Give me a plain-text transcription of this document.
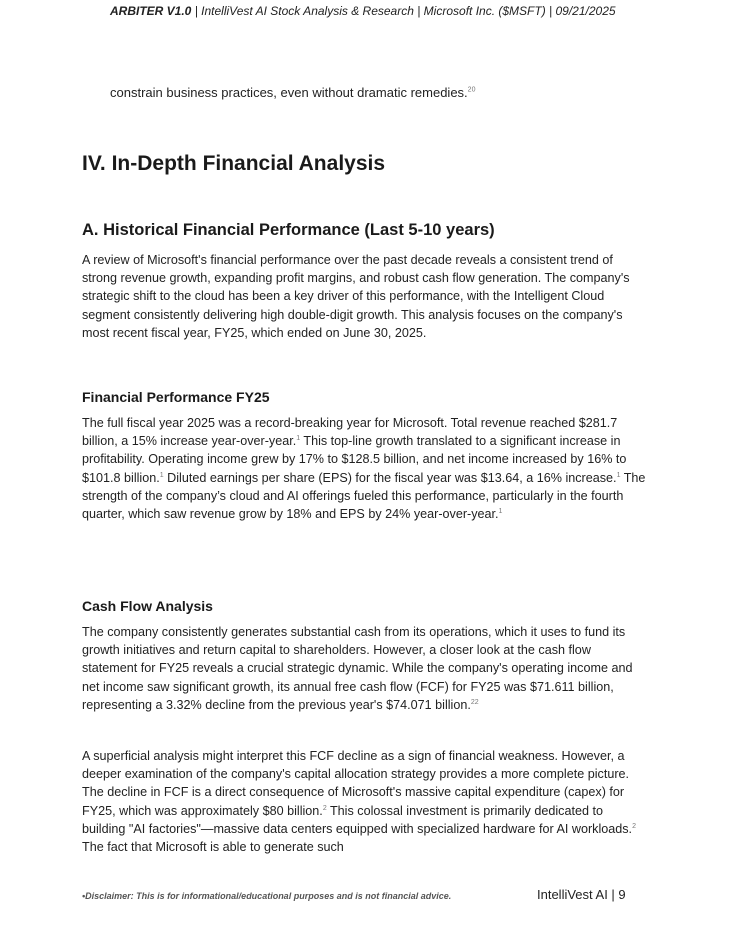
ARBITER V1.0 | IntelliVest AI Stock Analysis & Research | Microsoft Inc. ($MSFT) | 09/21/2025
constrain business practices, even without dramatic remedies.$^{20}$
IV. In-Depth Financial Analysis
A. Historical Financial Performance (Last 5-10 years)

A review of Microsoft's financial performance over the past decade reveals a consistent trend of strong revenue growth, expanding profit margins, and robust cash flow generation. The company's strategic shift to the cloud has been a key driver of this performance, with the Intelligent Cloud segment consistently delivering high double-digit growth. This analysis focuses on the company's most recent fiscal year, FY25, which ended on June 30, 2025.

Financial Performance FY25

The full fiscal year 2025 was a record-breaking year for Microsoft. Total revenue reached $281.7 billion, a 15% increase year-over-year.$^1$ This top-line growth translated to a significant increase in profitability. Operating income grew by 17% to $128.5 billion, and net income increased by 16% to $101.8 billion.$^1$ Diluted earnings per share (EPS) for the fiscal year was $13.64, a 16% increase.$^1$ The strength of the company’s cloud and AI offerings fueled this performance, particularly in the fourth quarter, which saw revenue grow by 18% and EPS by 24% year-over-year.$^1$

Cash Flow Analysis

The company consistently generates substantial cash from its operations, which it uses to fund its growth initiatives and return capital to shareholders. However, a closer look at the cash flow statement for FY25 reveals a crucial strategic dynamic. While the company's operating income and net income saw significant growth, its annual free cash flow (FCF) for FY25 was $71.611 billion, representing a 3.32% decline from the previous year's $74.071 billion.$^{22}$

A superficial analysis might interpret this FCF decline as a sign of financial weakness. However, a deeper examination of the company's capital allocation strategy provides a more complete picture. The decline in FCF is a direct consequence of Microsoft's massive capital expenditure (capex) for FY25, which was approximately $80 billion.$^2$ This colossal investment is primarily dedicated to building "AI factories"—massive data centers equipped with specialized hardware for AI workloads.$^2$ The fact that Microsoft is able to generate such

•Disclaimer: This is for informational/educational purposes and is not financial advice.	IntelliVest AI | 9
